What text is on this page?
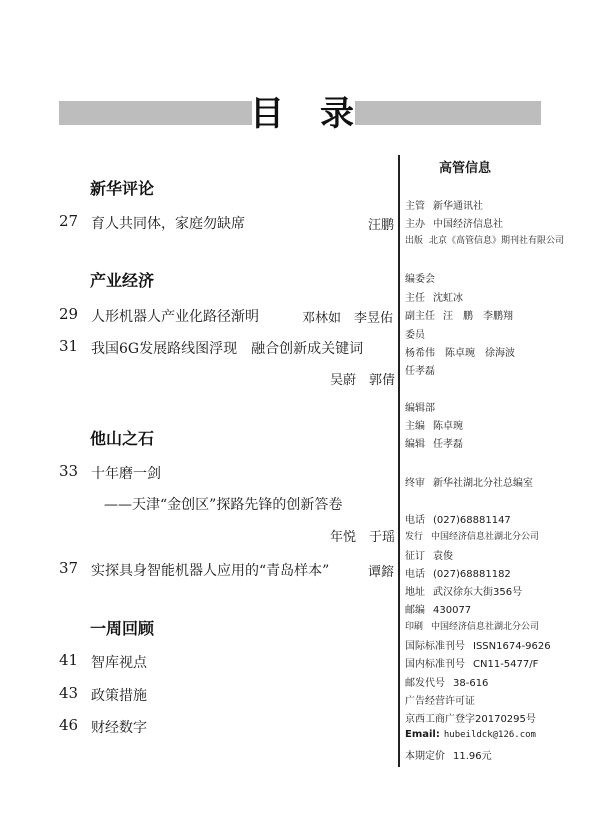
目 录
新华评论
27 育人共同体，家庭勿缺席	汪鹏
产业经济
29 人形机器人产业化路径渐明	邓林如　李昱佑
31 我国6G发展路线图浮现　融合创新成关键词
吴蔚　郭倩
他山之石
33 十年磨一剑
——天津“金创区”探路先锋的创新答卷
年悦　于瑶
37 实探具身智能机器人应用的“青岛样本”	谭鎔
一周回顾
41 智库视点
43 政策措施
46 财经数字
高管信息
主管 新华通讯社
主办 中国经济信息社
出版 北京《高管信息》期刊社有限公司
编委会
主任 沈虹冰
副主任 汪　鹏　李鹏翔
委员
杨希伟　陈卓琬　徐海波
任孝磊
编辑部
主编 陈卓琬
编辑 任孝磊
终审 新华社湖北分社总编室
电话 (027)68881147
发行 中国经济信息社湖北分公司
征订 袁俊
电话 (027)68881182
地址 武汉徐东大街356号
邮编 430077
印刷 中国经济信息社湖北分公司
国际标准刊号 ISSN1674-9626
国内标准刊号 CN11-5477/F
邮发代号 38-616
广告经营许可证
京西工商广登字20170295号
Email: hubeildck@126.com
本期定价 11.96元
